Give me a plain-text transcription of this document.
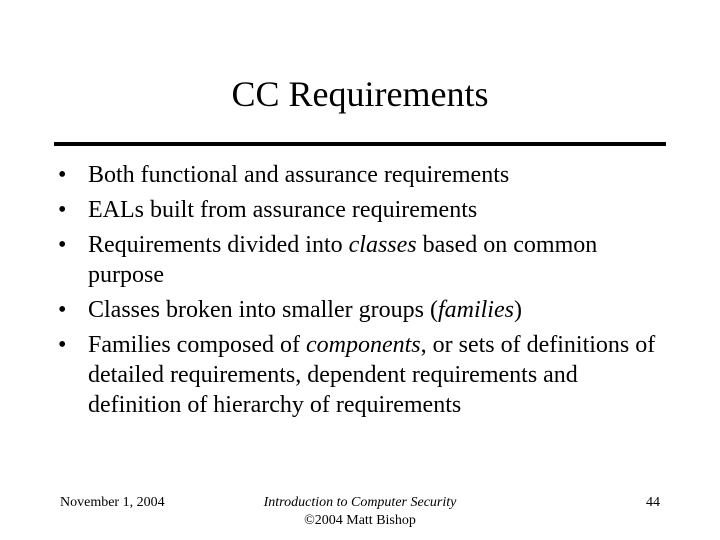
CC Requirements
• Both functional and assurance requirements
• EALs built from assurance requirements
• Requirements divided into classes based on common purpose
• Classes broken into smaller groups (families)
• Families composed of components, or sets of definitions of detailed requirements, dependent requirements and definition of hierarchy of requirements
November 1, 2004	Introduction to Computer Security
©2004 Matt Bishop
44
